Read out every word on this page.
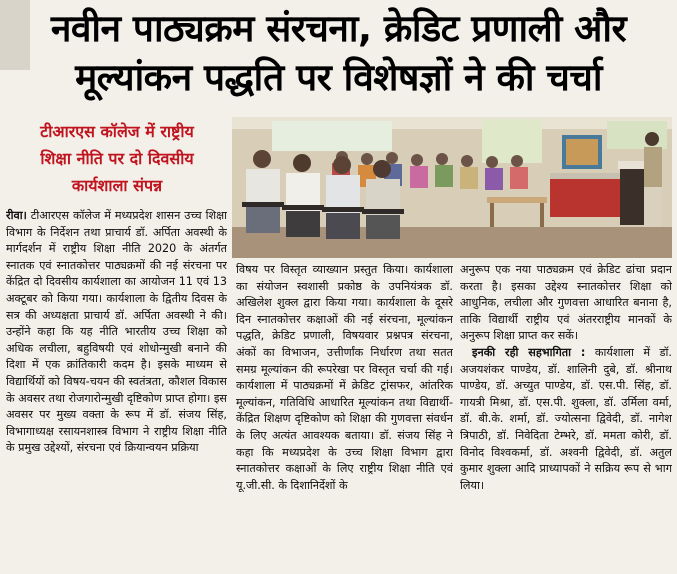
नवीन पाठ्यक्रम संरचना, क्रेडिट प्रणाली और
मूल्यांकन पद्धति पर विशेषज्ञों ने की चर्चा
टीआरएस कॉलेज में राष्ट्रीय
शिक्षा नीति पर दो दिवसीय
कार्यशाला संपन्न

रीवा। टीआरएस कॉलेज में मध्यप्रदेश शासन उच्च शिक्षा विभाग के निर्देशन तथा प्राचार्य डॉ. अर्पिता अवस्थी के मार्गदर्शन में राष्ट्रीय शिक्षा नीति 2020 के अंतर्गत स्नातक एवं स्नातकोत्तर पाठ्यक्रमों की नई संरचना पर केंद्रित दो दिवसीय कार्यशाला का आयोजन 11 एवं 13 अक्टूबर को किया गया। कार्यशाला के द्वितीय दिवस के सत्र की अध्यक्षता प्राचार्य डॉ. अर्पिता अवस्थी ने की। उन्होंने कहा कि यह नीति भारतीय उच्च शिक्षा को अधिक लचीला, बहुविषयी एवं शोधोन्मुखी बनाने की दिशा में एक क्रांतिकारी कदम है। इसके माध्यम से विद्यार्थियों को विषय-चयन की स्वतंत्रता, कौशल विकास के अवसर तथा रोजगारोन्मुखी दृष्टिकोण प्राप्त होगा। इस अवसर पर मुख्य वक्ता के रूप में डॉ. संजय सिंह, विभागाध्यक्ष रसायनशास्त्र विभाग ने राष्ट्रीय शिक्षा नीति के प्रमुख उद्देश्यों, संरचना एवं क्रियान्वयन प्रक्रिया

विषय पर विस्तृत व्याख्यान प्रस्तुत किया। कार्यशाला का संयोजन स्वशासी प्रकोष्ठ के उपनियंत्रक डॉ. अखिलेश शुक्ल द्वारा किया गया। कार्यशाला के दूसरे दिन स्नातकोत्तर कक्षाओं की नई संरचना, मूल्यांकन पद्धति, क्रेडिट प्रणाली, विषयवार प्रश्नपत्र संरचना, अंकों का विभाजन, उत्तीर्णांक निर्धारण तथा सतत समग्र मूल्यांकन की रूपरेखा पर विस्तृत चर्चा की गई। कार्यशाला में पाठ्यक्रमों में क्रेडिट ट्रांसफर, आंतरिक मूल्यांकन, गतिविधि आधारित मूल्यांकन तथा विद्यार्थी-केंद्रित शिक्षण दृष्टिकोण को शिक्षा की गुणवत्ता संवर्धन के लिए अत्यंत आवश्यक बताया। डॉ. संजय सिंह ने कहा कि मध्यप्रदेश के उच्च शिक्षा विभाग द्वारा स्नातकोत्तर कक्षाओं के लिए राष्ट्रीय शिक्षा नीति एवं यू.जी.सी. के दिशानिर्देशों के

अनुरूप एक नया पाठ्यक्रम एवं क्रेडिट ढांचा प्रदान करता है। इसका उद्देश्य स्नातकोत्तर शिक्षा को आधुनिक, लचीला और गुणवत्ता आधारित बनाना है, ताकि विद्यार्थी राष्ट्रीय एवं अंतरराष्ट्रीय मानकों के अनुरूप शिक्षा प्राप्त कर सकें।

इनकी रही सहभागिता : कार्यशाला में डॉ. अजयशंकर पाण्डेय, डॉ. शालिनी दुबे, डॉ. श्रीनाथ पाण्डेय, डॉ. अच्युत पाण्डेय, डॉ. एस.पी. सिंह, डॉ. गायत्री मिश्रा, डॉ. एस.पी. शुक्ला, डॉ. उर्मिला वर्मा, डॉ. बी.के. शर्मा, डॉ. ज्योत्सना द्विवेदी, डॉ. नागेश त्रिपाठी, डॉ. निवेदिता टेम्भरे, डॉ. ममता कोरी, डॉ. विनोद विश्वकर्मा, डॉ. अश्वनी द्विवेदी, डॉ. अतुल कुमार शुक्ला आदि प्राध्यापकों ने सक्रिय रूप से भाग लिया।
